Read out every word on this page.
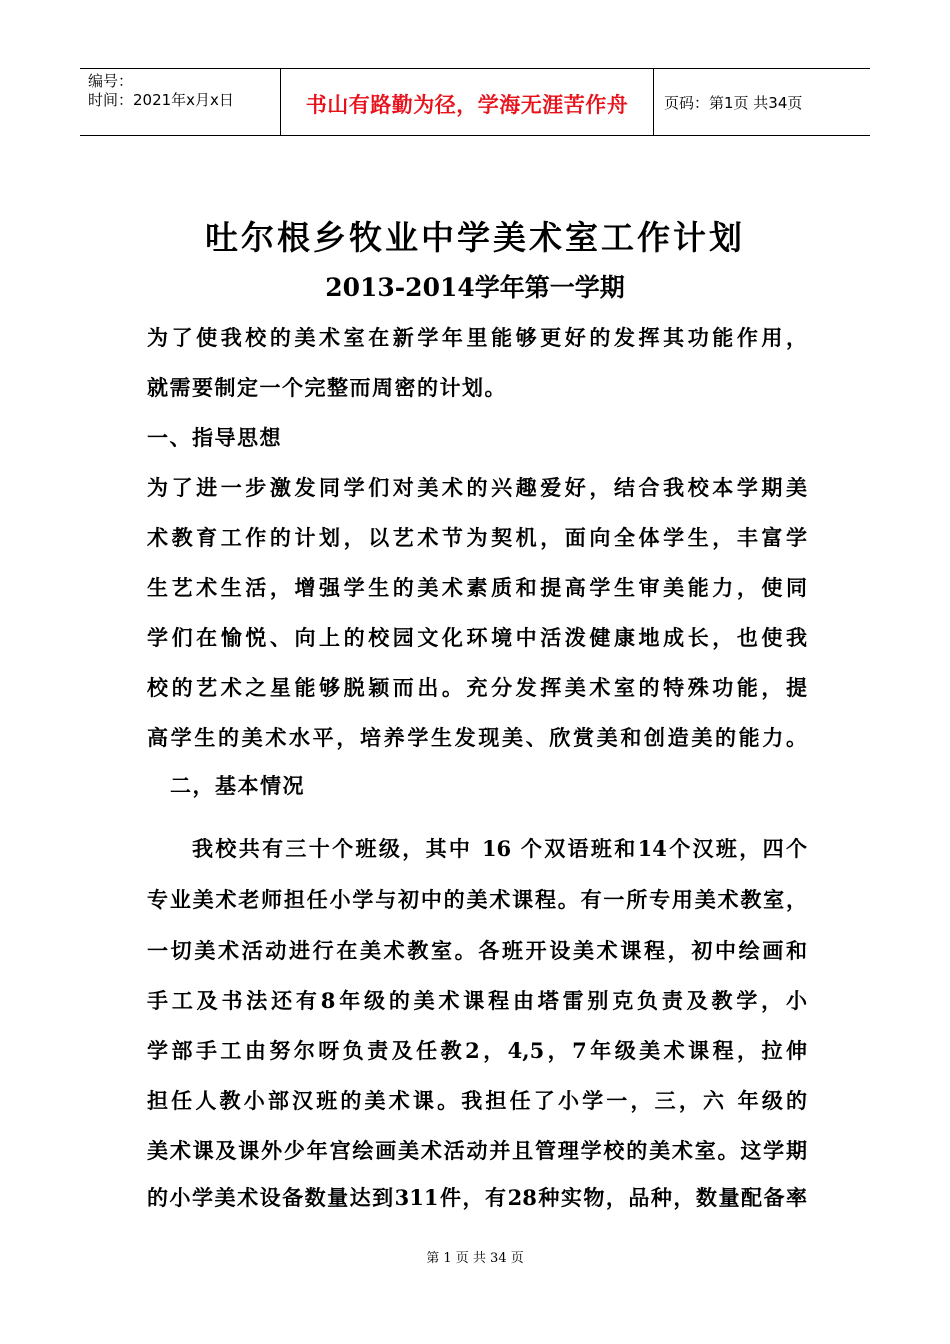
编号：
时间：2021年x月x日	书山有路勤为径，学海无涯苦作舟 页码：第1页 共34页
吐尔根乡牧业中学美术室工作计划
2013-2014学年第一学期
为了使我校的美术室在新学年里能够更好的发挥其功能作用，
就需要制定一个完整而周密的计划。
一、指导思想
为了进一步激发同学们对美术的兴趣爱好，结合我校本学期美
术教育工作的计划，以艺术节为契机，面向全体学生，丰富学
生艺术生活，增强学生的美术素质和提高学生审美能力，使同
学们在愉悦、向上的校园文化环境中活泼健康地成长，也使我
校的艺术之星能够脱颖而出。充分发挥美术室的特殊功能，提
高学生的美术水平，培养学生发现美、欣赏美和创造美的能力。
二，基本情况
我校共有三十个班级，其中 16 个双语班和14个汉班，四个
专业美术老师担任小学与初中的美术课程。有一所专用美术教室，
一切美术活动进行在美术教室。各班开设美术课程，初中绘画和
手工及书法还有8年级的美术课程由塔雷别克负责及教学，小
学部手工由努尔呀负责及任教2，4,5，7年级美术课程，拉伸
担任人教小部汉班的美术课。我担任了小学一，三，六 年级的
美术课及课外少年宫绘画美术活动并且管理学校的美术室。这学期
的小学美术设备数量达到311件，有28种实物，品种，数量配备率
第 1 页 共 34 页
